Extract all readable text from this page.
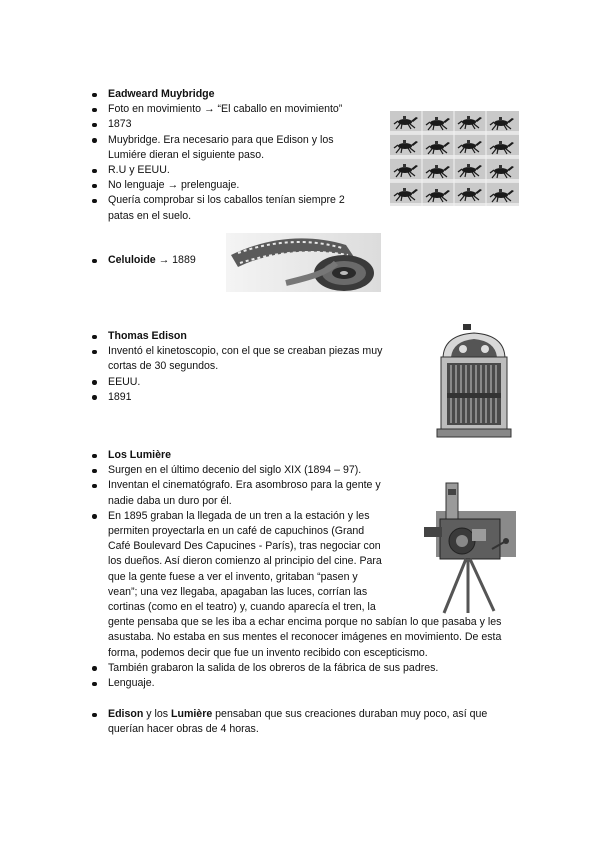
Eadweard Muybridge
Foto en movimiento → “El caballo en movimiento”
1873
Muybridge. Era necesario para que Edison y los
Lumiére dieran el siguiente paso.
R.U y EEUU.
No lenguaje → prelenguaje.
Quería comprobar si los caballos tenían siempre 2
patas en el suelo.
Celuloide → 1889
Thomas Edison
Inventó el kinetoscopio, con el que se creaban piezas muy
cortas de 30 segundos.
EEUU.
1891
Los Lumière
Surgen en el último decenio del siglo XIX (1894 – 97).
Inventan el cinematógrafo. Era asombroso para la gente y
nadie daba un duro por él.
En 1895 graban la llegada de un tren a la estación y les
permiten proyectarla en un café de capuchinos (Grand
Café Boulevard Des Capucines - París), tras negociar con
los dueños. Así dieron comienzo al principio del cine. Para
que la gente fuese a ver el invento, gritaban “pasen y
vean”; una vez llegaba, apagaban las luces, corrían las
cortinas (como en el teatro) y, cuando aparecía el tren, la
gente pensaba que se les iba a echar encima porque no sabían lo que pasaba y les
asustaba. No estaba en sus mentes el reconocer imágenes en movimiento. De esta
forma, podemos decir que fue un invento recibido con escepticismo.
También grabaron la salida de los obreros de la fábrica de sus padres.
Lenguaje.
Edison y los Lumière pensaban que sus creaciones duraban muy poco, así que
querían hacer obras de 4 horas.
